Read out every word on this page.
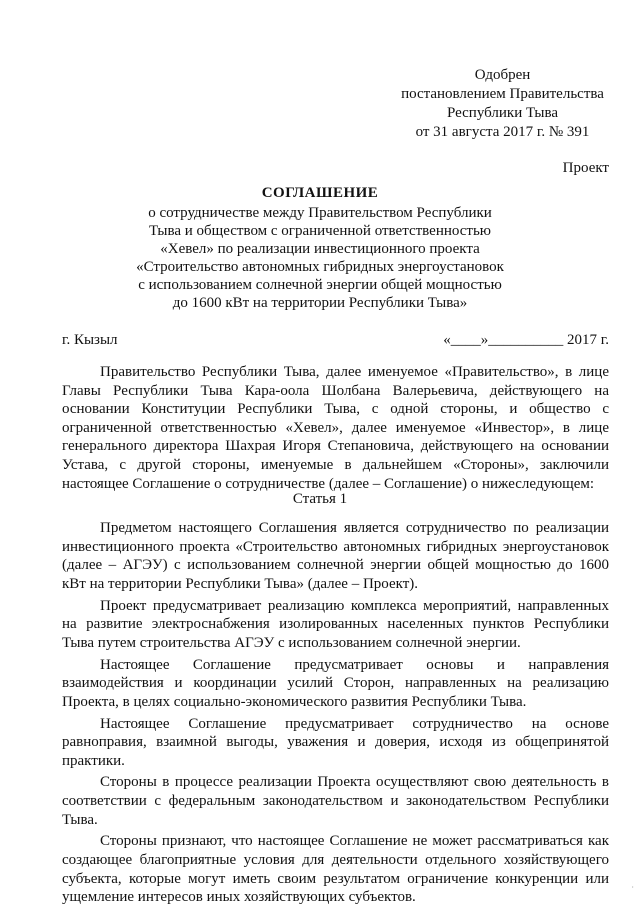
Одобрен
постановлением Правительства
Республики Тыва
от 31 августа 2017 г. № 391
Проект
СОГЛАШЕНИЕ
о сотрудничестве между Правительством Республики
Тыва и обществом с ограниченной ответственностью
«Хевел» по реализации инвестиционного проекта
«Строительство автономных гибридных энергоустановок
с использованием солнечной энергии общей мощностью
до 1600 кВт на территории Республики Тыва»
г. Кызыл	«____»__________ 2017 г.

Правительство Республики Тыва, далее именуемое «Правительство», в лице Главы Республики Тыва Кара-оола Шолбана Валерьевича, действующего на основании Конституции Республики Тыва, с одной стороны, и общество с ограниченной ответственностью «Хевел», далее именуемое «Инвестор», в лице генерального директора Шахрая Игоря Степановича, действующего на основании Устава, с другой стороны, именуемые в дальнейшем «Стороны», заключили настоящее Соглашение о сотрудничестве (далее – Соглашение) о нижеследующем:

Статья 1

Предметом настоящего Соглашения является сотрудничество по реализации инвестиционного проекта «Строительство автономных гибридных энергоустановок (далее – АГЭУ) с использованием солнечной энергии общей мощностью до 1600 кВт на территории Республики Тыва» (далее – Проект).

Проект предусматривает реализацию комплекса мероприятий, направленных на развитие электроснабжения изолированных населенных пунктов Республики Тыва путем строительства АГЭУ с использованием солнечной энергии.

Настоящее Соглашение предусматривает основы и направления взаимодействия и координации усилий Сторон, направленных на реализацию Проекта, в целях социально-экономического развития Республики Тыва.

Настоящее Соглашение предусматривает сотрудничество на основе равноправия, взаимной выгоды, уважения и доверия, исходя из общепринятой практики.

Стороны в процессе реализации Проекта осуществляют свою деятельность в соответствии с федеральным законодательством и законодательством Республики Тыва.

Стороны признают, что настоящее Соглашение не может рассматриваться как создающее благоприятные условия для деятельности отдельного хозяйствующего субъекта, которые могут иметь своим результатом ограничение конкуренции или ущемление интересов иных хозяйствующих субъектов.

·
